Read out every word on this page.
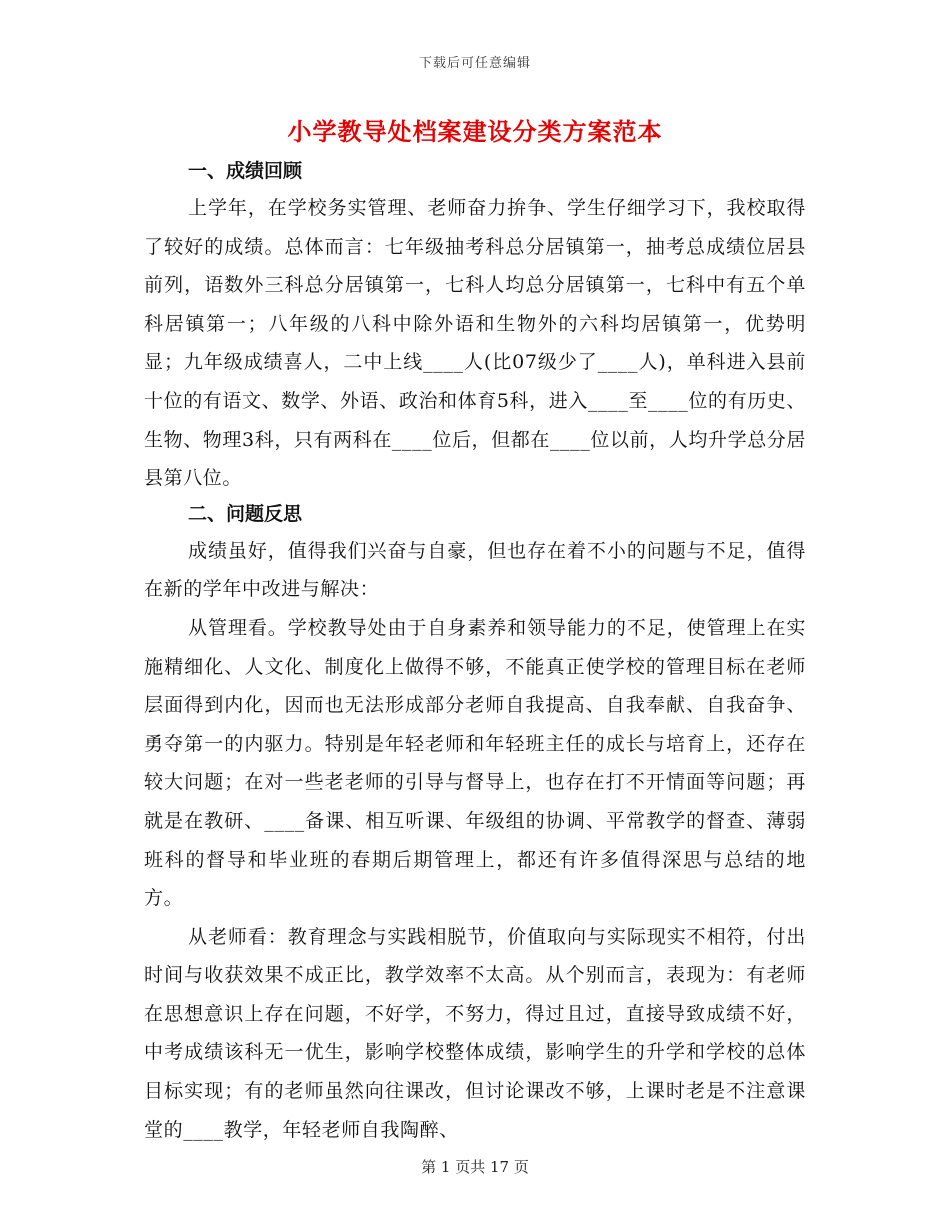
下载后可任意编辑
小学教导处档案建设分类方案范本
一、成绩回顾

上学年，在学校务实管理、老师奋力拚争、学生仔细学习下，我校取得了较好的成绩。总体而言：七年级抽考科总分居镇第一，抽考总成绩位居县前列，语数外三科总分居镇第一，七科人均总分居镇第一，七科中有五个单科居镇第一；八年级的八科中除外语和生物外的六科均居镇第一，优势明显；九年级成绩喜人，二中上线____人(比07级少了____人)，单科进入县前十位的有语文、数学、外语、政治和体育5科，进入____至____位的有历史、生物、物理3科，只有两科在____位后，但都在____位以前，人均升学总分居县第八位。

二、问题反思

成绩虽好，值得我们兴奋与自豪，但也存在着不小的问题与不足，值得在新的学年中改进与解决：

从管理看。学校教导处由于自身素养和领导能力的不足，使管理上在实施精细化、人文化、制度化上做得不够，不能真正使学校的管理目标在老师层面得到内化，因而也无法形成部分老师自我提高、自我奉献、自我奋争、勇夺第一的内驱力。特别是年轻老师和年轻班主任的成长与培育上，还存在较大问题；在对一些老老师的引导与督导上，也存在打不开情面等问题；再就是在教研、____备课、相互听课、年级组的协调、平常教学的督查、薄弱班科的督导和毕业班的春期后期管理上，都还有许多值得深思与总结的地方。

从老师看：教育理念与实践相脱节，价值取向与实际现实不相符，付出时间与收获效果不成正比，教学效率不太高。从个别而言，表现为：有老师在思想意识上存在问题，不好学，不努力，得过且过，直接导致成绩不好，中考成绩该科无一优生，影响学校整体成绩，影响学生的升学和学校的总体目标实现；有的老师虽然向往课改，但讨论课改不够，上课时老是不注意课堂的____教学，年轻老师自我陶醉、

第 1 页共 17 页
